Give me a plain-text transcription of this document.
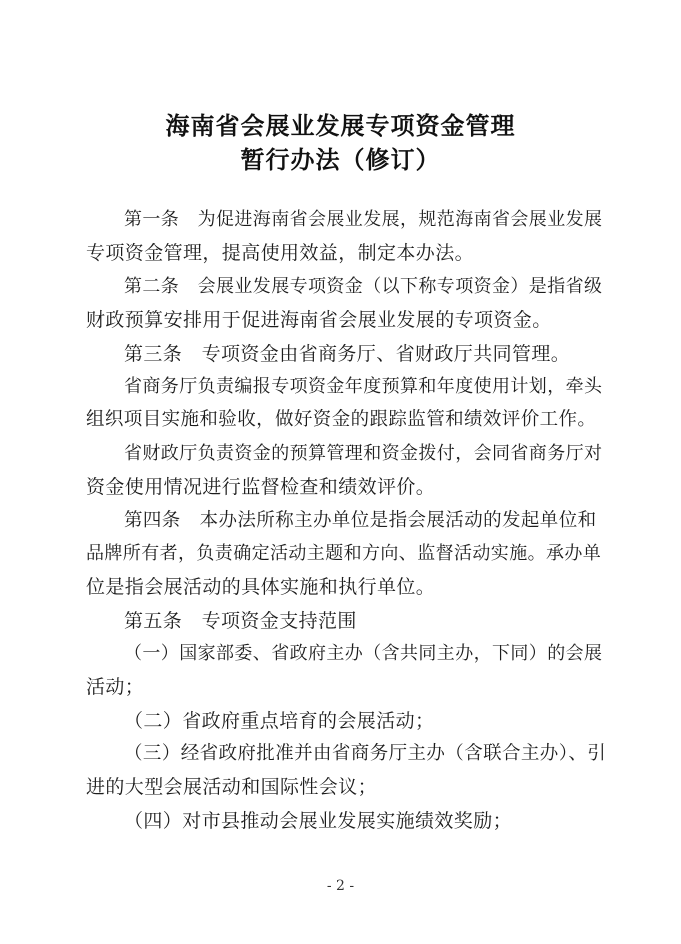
海南省会展业发展专项资金管理
暂行办法（修订）
第一条　为促进海南省会展业发展，规范海南省会展业发展
专项资金管理，提高使用效益，制定本办法。
第二条　会展业发展专项资金（以下称专项资金）是指省级
财政预算安排用于促进海南省会展业发展的专项资金。
第三条　专项资金由省商务厅、省财政厅共同管理。
省商务厅负责编报专项资金年度预算和年度使用计划，牵头
组织项目实施和验收，做好资金的跟踪监管和绩效评价工作。
省财政厅负责资金的预算管理和资金拨付，会同省商务厅对
资金使用情况进行监督检查和绩效评价。
第四条　本办法所称主办单位是指会展活动的发起单位和
品牌所有者，负责确定活动主题和方向、监督活动实施。承办单
位是指会展活动的具体实施和执行单位。
第五条　专项资金支持范围
（一）国家部委、省政府主办（含共同主办，下同）的会展
活动；
（二）省政府重点培育的会展活动；
（三）经省政府批准并由省商务厅主办（含联合主办）、引
进的大型会展活动和国际性会议；
（四）对市县推动会展业发展实施绩效奖励；
- 2 -
